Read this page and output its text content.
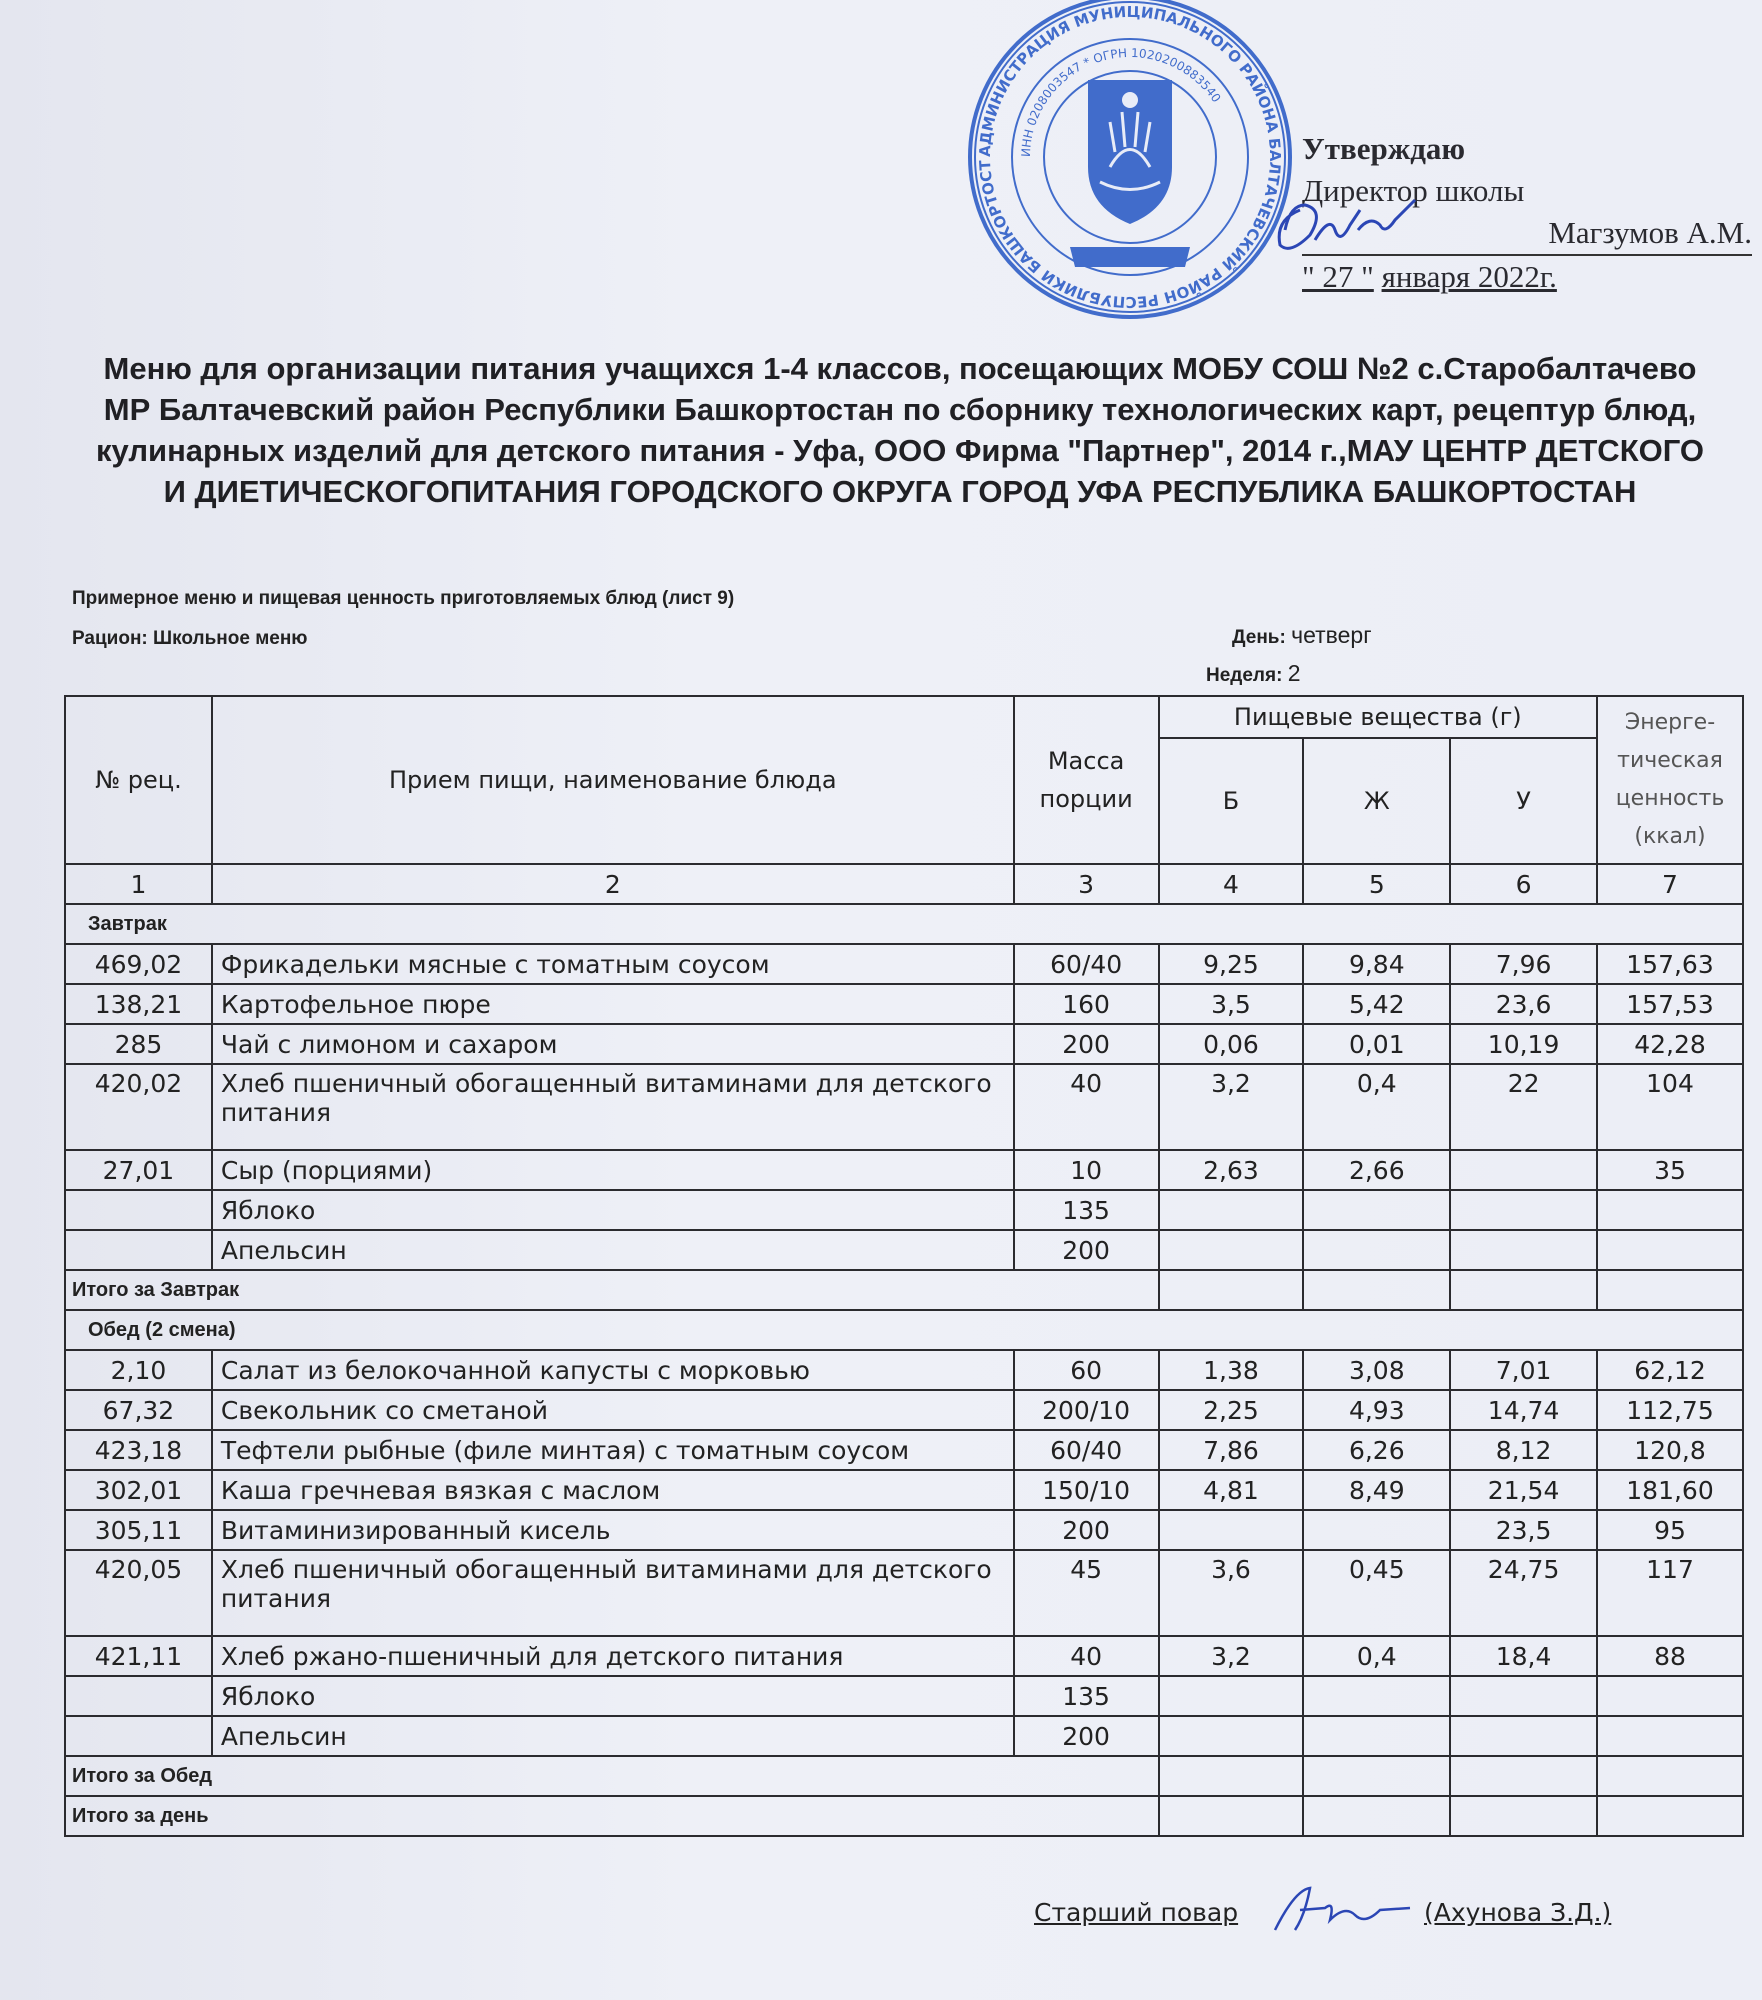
АДМИНИСТРАЦИЯ МУНИЦИПАЛЬНОГО РАЙОНА БАЛТАЧЕВСКИЙ РАЙОН РЕСПУБЛИКИ БАШКОРТОСТ
ИНН 0208003547 * ОГРН 1020200883540
Утверждаю
Директор школы
Магзумов А.М.
" 27 " января 2022г.
Меню для организации питания учащихся 1-4 классов, посещающих МОБУ СОШ №2 с.Старобалтачево МР Балтачевский район Республики Башкортостан по сборнику технологических карт, рецептур блюд, кулинарных изделий для детского питания - Уфа, ООО Фирма "Партнер", 2014 г.,МАУ ЦЕНТР ДЕТСКОГО И ДИЕТИЧЕСКОГОПИТАНИЯ ГОРОДСКОГО ОКРУГА ГОРОД УФА РЕСПУБЛИКА БАШКОРТОСТАН
Примерное меню и пищевая ценность приготовляемых блюд (лист 9)
Рацион: Школьное меню	День: четверг
Неделя: 2
№ рец.	Прием пищи, наименование блюда	Масса порции	Пищевые вещества (г)			Энерге-тическая ценность (ккал)
			Б	Ж	У	
1	2	3	4	5	6	7
Завтрак						
469,02	Фрикадельки мясные с томатным соусом	60/40	9,25	9,84	7,96	157,63
138,21	Картофельное пюре	160	3,5	5,42	23,6	157,53
285	Чай с лимоном и сахаром	200	0,06	0,01	10,19	42,28
420,02	Хлеб пшеничный обогащенный витаминами для детского питания	40	3,2	0,4	22	104
27,01	Сыр (порциями)	10	2,63	2,66		35
	Яблоко	135				
	Апельсин	200				
Итого за Завтрак						
Обед (2 смена)						
2,10	Салат из белокочанной капусты с морковью	60	1,38	3,08	7,01	62,12
67,32	Свекольник со сметаной	200/10	2,25	4,93	14,74	112,75
423,18	Тефтели рыбные (филе минтая) с томатным соусом	60/40	7,86	6,26	8,12	120,8
302,01	Каша гречневая вязкая с маслом	150/10	4,81	8,49	21,54	181,60
305,11	Витаминизированный кисель	200			23,5	95
420,05	Хлеб пшеничный обогащенный витаминами для детского питания	45	3,6	0,45	24,75	117
421,11	Хлеб ржано-пшеничный для детского питания	40	3,2	0,4	18,4	88
	Яблоко	135				
	Апельсин	200				
Итого за Обед						
Итого за день						
Старший повар	(Ахунова З.Д.)
